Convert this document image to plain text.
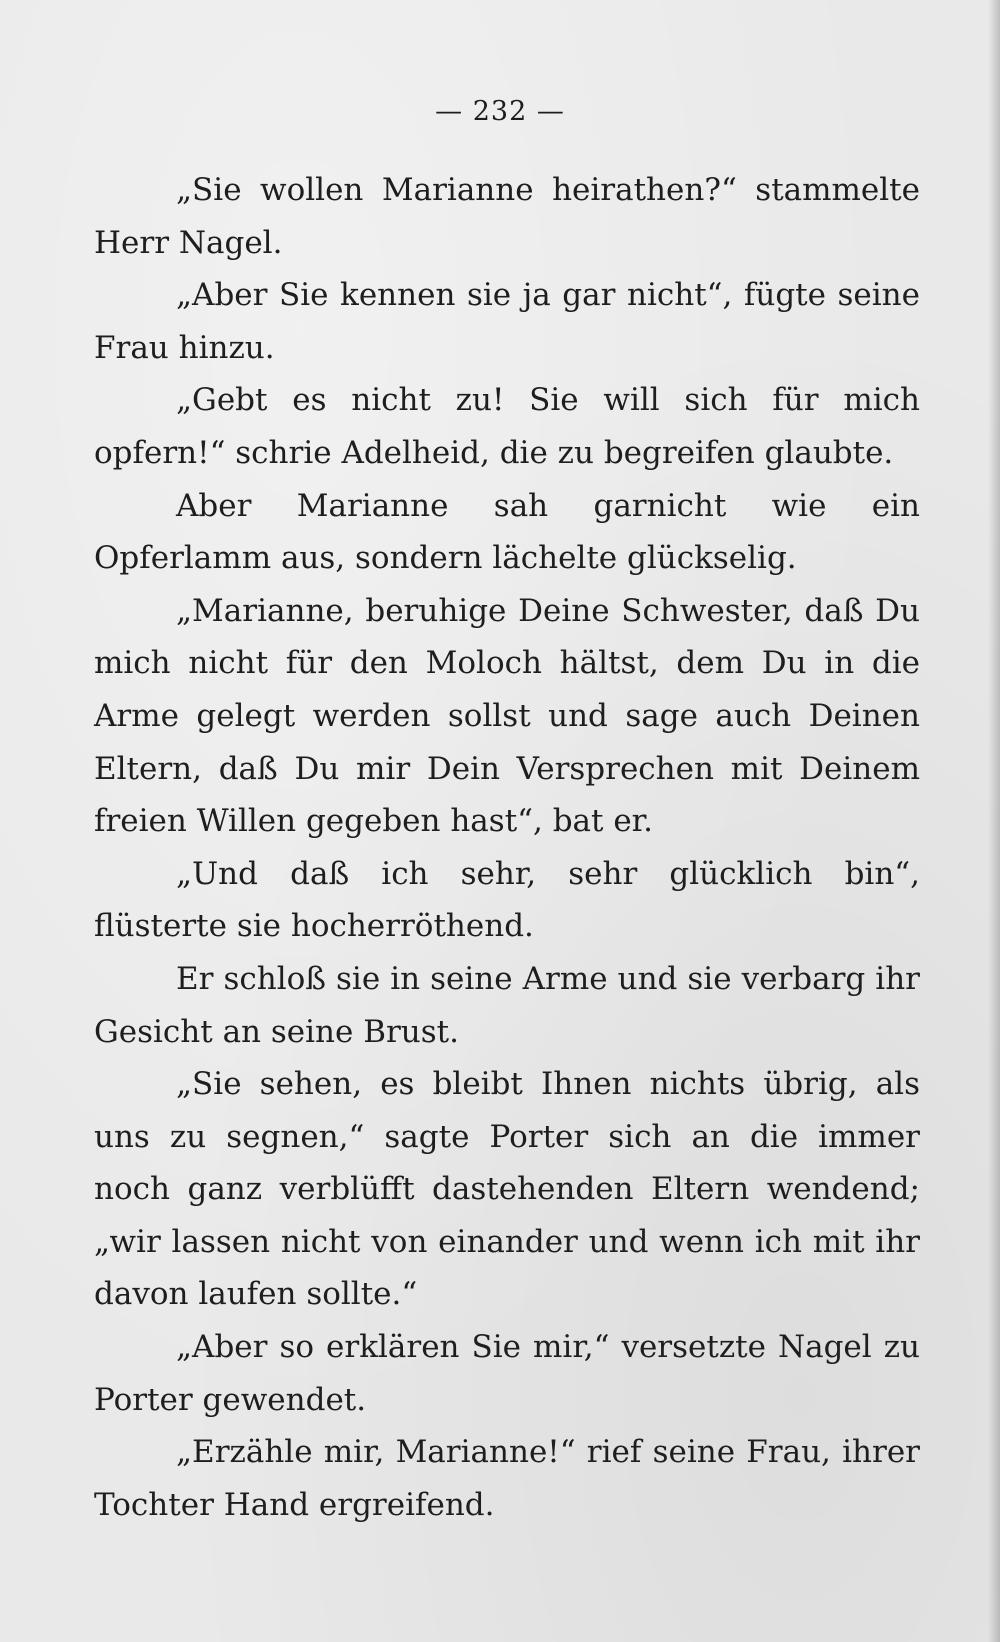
— 232 —

„Sie wollen Marianne heirathen?“ stammelte Herr Nagel.

„Aber Sie kennen sie ja gar nicht“, fügte seine Frau hinzu.

„Gebt es nicht zu! Sie will sich für mich opfern!“ schrie Adelheid, die zu begreifen glaubte.

Aber Marianne sah garnicht wie ein Opferlamm aus, sondern lächelte glückselig.

„Marianne, beruhige Deine Schwester, daß Du mich nicht für den Moloch hältst, dem Du in die Arme gelegt werden sollst und sage auch Deinen Eltern, daß Du mir Dein Versprechen mit Deinem freien Willen gegeben hast“, bat er.

„Und daß ich sehr, sehr glücklich bin“, flüsterte sie hocherröthend.

Er schloß sie in seine Arme und sie verbarg ihr Gesicht an seine Brust.

„Sie sehen, es bleibt Ihnen nichts übrig, als uns zu segnen,“ sagte Porter sich an die immer noch ganz verblüfft dastehenden Eltern wendend; „wir lassen nicht von einander und wenn ich mit ihr davon laufen sollte.“

„Aber so erklären Sie mir,“ versetzte Nagel zu Porter gewendet.

„Erzähle mir, Marianne!“ rief seine Frau, ihrer Tochter Hand ergreifend.
